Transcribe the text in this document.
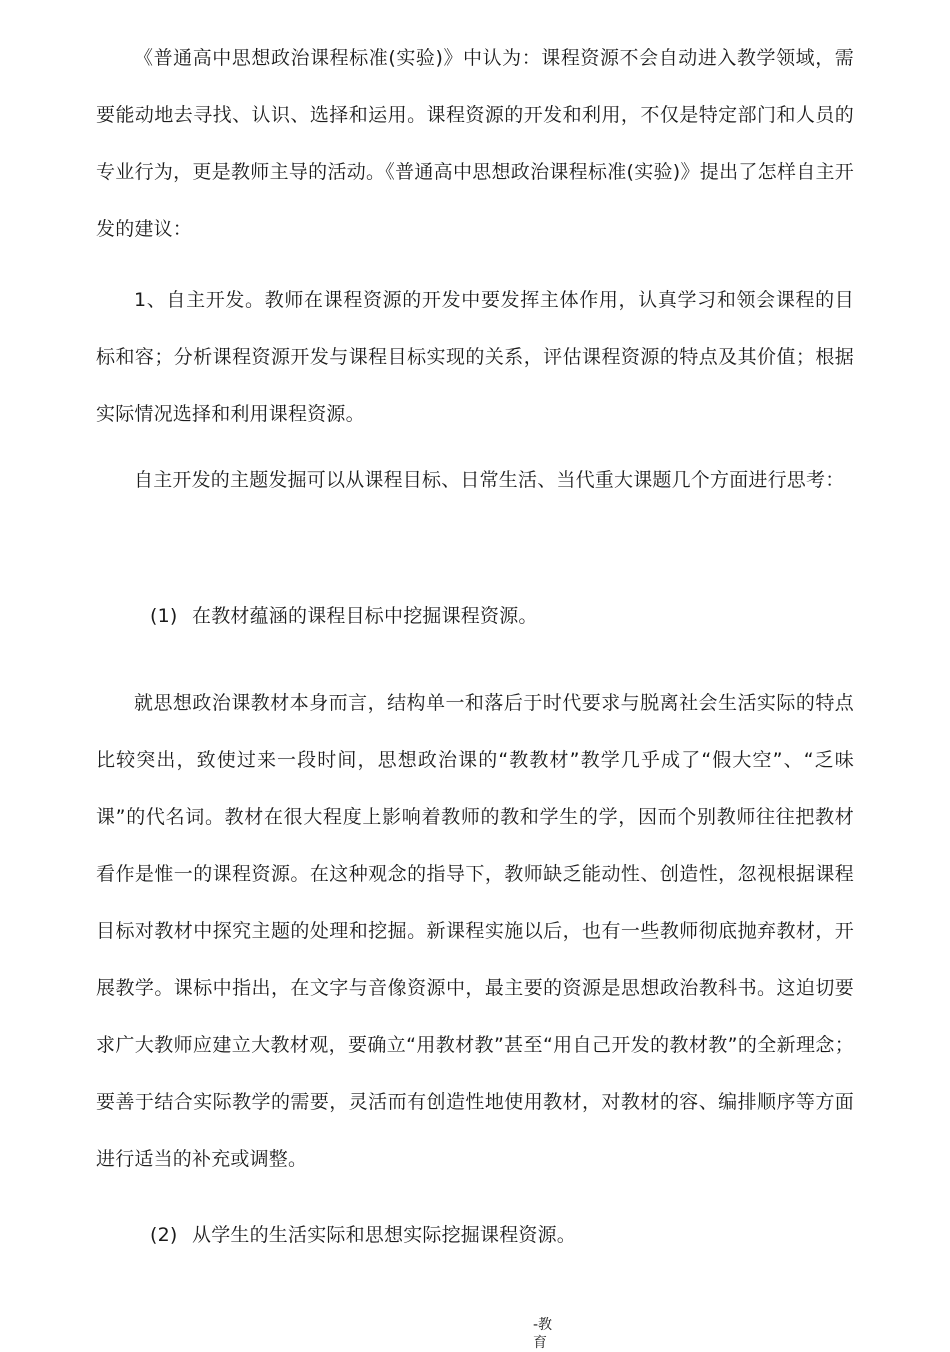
《普通高中思想政治课程标准(实验)》中认为：课程资源不会自动进入教学领域，需要能动地去寻找、认识、选择和运用。课程资源的开发和利用，不仅是特定部门和人员的专业行为，更是教师主导的活动。《普通高中思想政治课程标准(实验)》提出了怎样自主开发的建议：

1、自主开发。教师在课程资源的开发中要发挥主体作用，认真学习和领会课程的目标和容；分析课程资源开发与课程目标实现的关系，评估课程资源的特点及其价值；根据实际情况选择和利用课程资源。

自主开发的主题发掘可以从课程目标、日常生活、当代重大课题几个方面进行思考：

(1) 在教材蕴涵的课程目标中挖掘课程资源。

就思想政治课教材本身而言，结构单一和落后于时代要求与脱离社会生活实际的特点比较突出，致使过来一段时间，思想政治课的“教教材”教学几乎成了“假大空”、“乏味课”的代名词。教材在很大程度上影响着教师的教和学生的学，因而个别教师往往把教材看作是惟一的课程资源。在这种观念的指导下，教师缺乏能动性、创造性，忽视根据课程目标对教材中探究主题的处理和挖掘。新课程实施以后，也有一些教师彻底抛弃教材，开展教学。课标中指出，在文字与音像资源中，最主要的资源是思想政治教科书。这迫切要求广大教师应建立大教材观，要确立“用教材教”甚至“用自己开发的教材教”的全新理念；要善于结合实际教学的需要，灵活而有创造性地使用教材，对教材的容、编排顺序等方面进行适当的补充或调整。

(2) 从学生的生活实际和思想实际挖掘课程资源。

-教育
